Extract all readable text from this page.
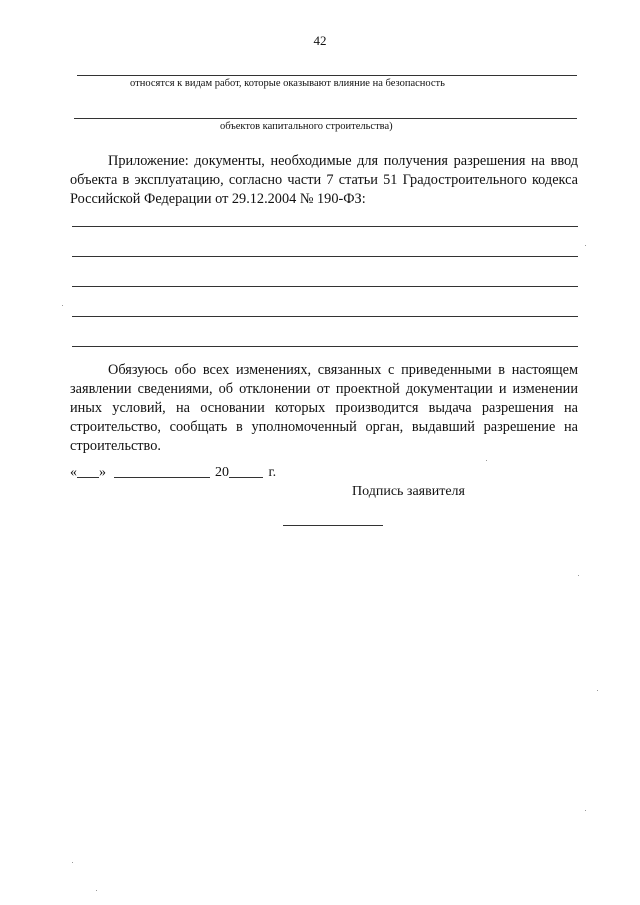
42
относятся к видам работ, которые оказывают влияние на безопасность
объектов капитального строительства)
Приложение: документы, необходимые для получения разрешения на ввод объекта в эксплуатацию, согласно части 7 статьи 51 Градостроительного кодекса Российской Федерации от 29.12.2004 № 190-ФЗ:
Обязуюсь обо всех изменениях, связанных с приведенными в настоящем заявлении сведениями, об отклонении от проектной документации и изменении иных условий, на основании которых производится выдача разрешения на строительство, сообщать в уполномоченный орган, выдавший разрешение на строительство.
« »	20	г.
Подпись заявителя
